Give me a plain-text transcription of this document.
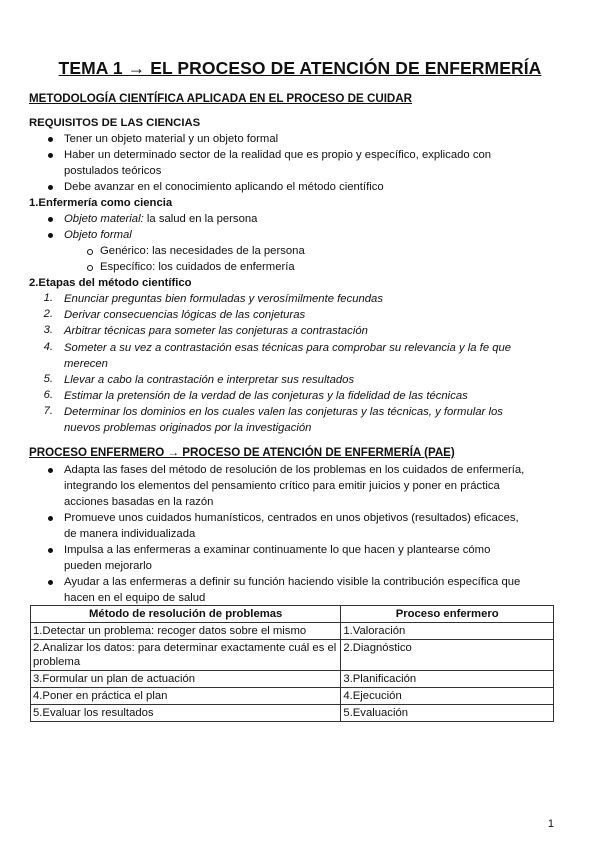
TEMA 1 → EL PROCESO DE ATENCIÓN DE ENFERMERÍA
METODOLOGÍA CIENTÍFICA APLICADA EN EL PROCESO DE CUIDAR
REQUISITOS DE LAS CIENCIAS
Tener un objeto material y un objeto formal
Haber un determinado sector de la realidad que es propio y específico, explicado con
postulados teóricos
Debe avanzar en el conocimiento aplicando el método científico
1.Enfermería como ciencia
Objeto material: la salud en la persona
Objeto formal
Genérico: las necesidades de la persona
Específico: los cuidados de enfermería
2.Etapas del método científico
1. Enunciar preguntas bien formuladas y verosímilmente fecundas
2. Derivar consecuencias lógicas de las conjeturas
3. Arbitrar técnicas para someter las conjeturas a contrastación
4. Someter a su vez a contrastación esas técnicas para comprobar su relevancia y la fe que
merecen
5. Llevar a cabo la contrastación e interpretar sus resultados
6. Estimar la pretensión de la verdad de las conjeturas y la fidelidad de las técnicas
7. Determinar los dominios en los cuales valen las conjeturas y las técnicas, y formular los
nuevos problemas originados por la investigación
PROCESO ENFERMERO → PROCESO DE ATENCIÓN DE ENFERMERÍA (PAE)
Adapta las fases del método de resolución de los problemas en los cuidados de enfermería,
integrando los elementos del pensamiento crítico para emitir juicios y poner en práctica
acciones basadas en la razón
Promueve unos cuidados humanísticos, centrados en unos objetivos (resultados) eficaces,
de manera individualizada
Impulsa a las enfermeras a examinar continuamente lo que hacen y plantearse cómo
pueden mejorarlo
Ayudar a las enfermeras a definir su función haciendo visible la contribución específica que
hacen en el equipo de salud
Método de resolución de problemas	Proceso enfermero
1.Detectar un problema: recoger datos sobre el mismo	1.Valoración
2.Analizar los datos: para determinar exactamente cuál es el problema	2.Diagnóstico
3.Formular un plan de actuación	3.Planificación
4.Poner en práctica el plan	4.Ejecución
5.Evaluar los resultados	5.Evaluación
1
